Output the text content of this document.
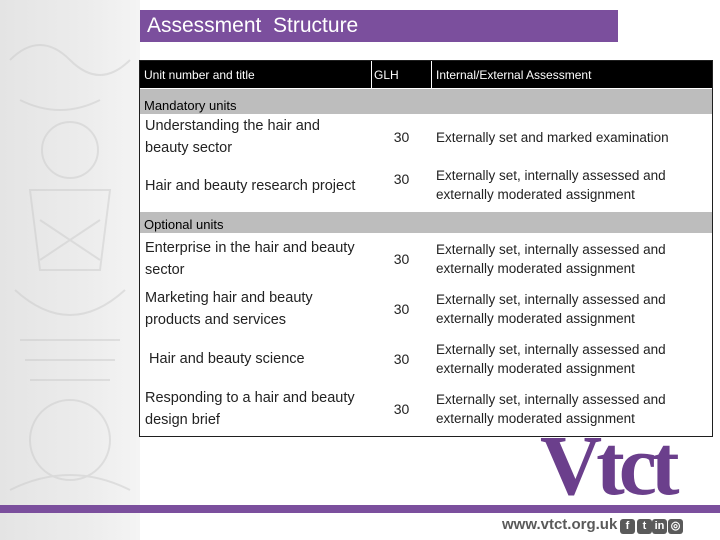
Assessment  Structure
Unit number and title	GLH	Internal/External Assessment
Mandatory units		
Understanding the hair and beauty sector	30	Externally set and marked examination
Hair and beauty research project	30	Externally set, internally assessed and externally moderated assignment
Optional units		
Enterprise in the hair and beauty sector	30	Externally set, internally assessed and externally moderated assignment
Marketing hair and beauty products and services	30	Externally set, internally assessed and externally moderated assignment
Hair and beauty science	30	Externally set, internally assessed and externally moderated assignment
Responding to a hair and beauty design brief	30	Externally set, internally assessed and externally moderated assignment
Vtct
www.vtct.org.uk f	t in ◎
